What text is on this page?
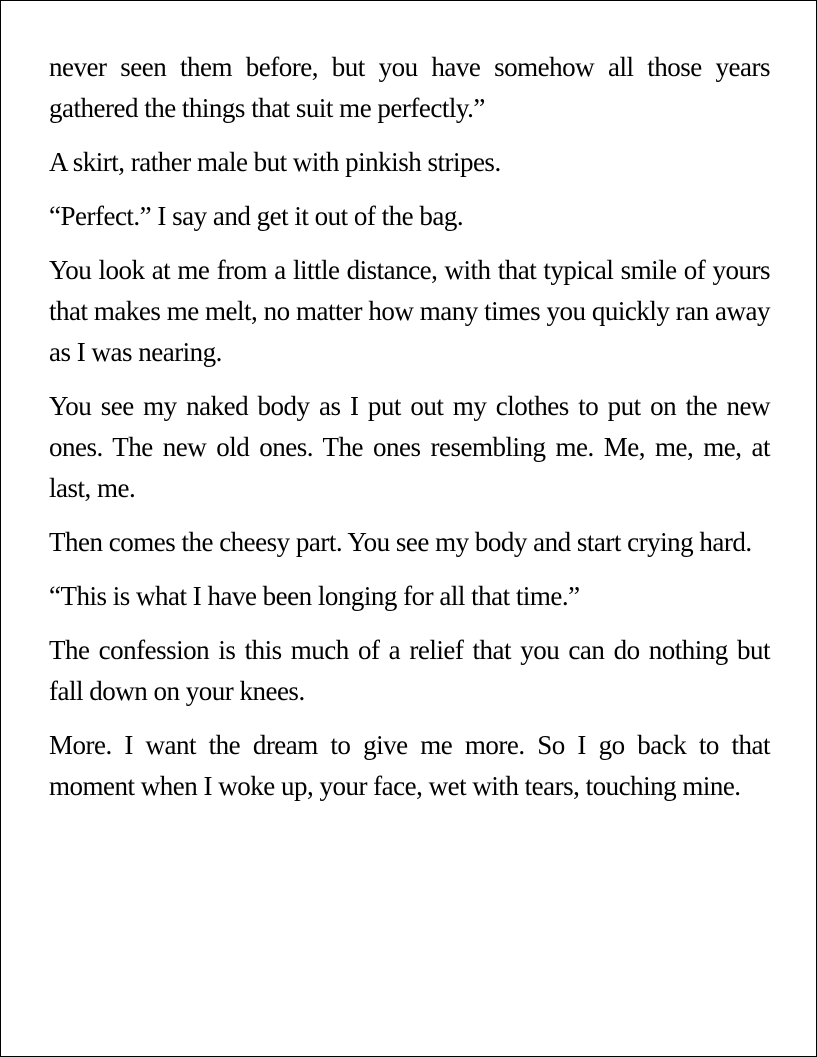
never seen them before, but you have somehow all those years gathered the things that suit me perfectly.”

A skirt, rather male but with pinkish stripes.

“Perfect.” I say and get it out of the bag.

You look at me from a little distance, with that typical smile of yours that makes me melt, no matter how many times you quickly ran away as I was nearing.

You see my naked body as I put out my clothes to put on the new ones. The new old ones. The ones resembling me. Me, me, me, at last, me.

Then comes the cheesy part. You see my body and start crying hard.

“This is what I have been longing for all that time.”

The confession is this much of a relief that you can do nothing but fall down on your knees.

More. I want the dream to give me more. So I go back to that moment when I woke up, your face, wet with tears, touching mine.
